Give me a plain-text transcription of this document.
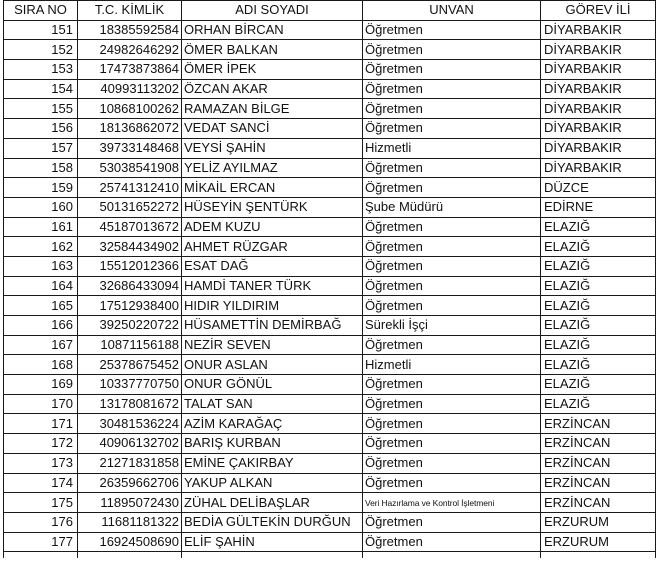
SIRA NO	T.C. KİMLİK	ADI SOYADI	UNVAN	GÖREV İLİ
151	18385592584	ORHAN BİRCAN	Öğretmen	DİYARBAKIR
152	24982646292	ÖMER BALKAN	Öğretmen	DİYARBAKIR
153	17473873864	ÖMER İPEK	Öğretmen	DİYARBAKIR
154	40993113202	ÖZCAN AKAR	Öğretmen	DİYARBAKIR
155	10868100262	RAMAZAN BİLGE	Öğretmen	DİYARBAKIR
156	18136862072	VEDAT SANCİ	Öğretmen	DİYARBAKIR
157	39733148468	VEYSİ ŞAHİN	Hizmetli	DİYARBAKIR
158	53038541908	YELİZ AYILMAZ	Öğretmen	DİYARBAKIR
159	25741312410	MİKAİL ERCAN	Öğretmen	DÜZCE
160	50131652272	HÜSEYİN ŞENTÜRK	Şube Müdürü	EDİRNE
161	45187013672	ADEM KUZU	Öğretmen	ELAZIĞ
162	32584434902	AHMET RÜZGAR	Öğretmen	ELAZIĞ
163	15512012366	ESAT DAĞ	Öğretmen	ELAZIĞ
164	32686433094	HAMDİ TANER TÜRK	Öğretmen	ELAZIĞ
165	17512938400	HIDIR YILDIRIM	Öğretmen	ELAZIĞ
166	39250220722	HÜSAMETTİN DEMİRBAĞ	Sürekli İşçi	ELAZIĞ
167	10871156188	NEZİR SEVEN	Öğretmen	ELAZIĞ
168	25378675452	ONUR ASLAN	Hizmetli	ELAZIĞ
169	10337770750	ONUR GÖNÜL	Öğretmen	ELAZIĞ
170	13178081672	TALAT SAN	Öğretmen	ELAZIĞ
171	30481536224	AZİM KARAĞAÇ	Öğretmen	ERZİNCAN
172	40906132702	BARIŞ KURBAN	Öğretmen	ERZİNCAN
173	21271831858	EMİNE ÇAKIRBAY	Öğretmen	ERZİNCAN
174	26359662706	YAKUP ALKAN	Öğretmen	ERZİNCAN
175	11895072430	ZÜHAL DELİBAŞLAR	Veri Hazırlama ve Kontrol İşletmeni	ERZİNCAN
176	11681181322	BEDİA GÜLTEKİN DURĞUN	Öğretmen	ERZURUM
177	16924508690	ELİF ŞAHİN	Öğretmen	ERZURUM
